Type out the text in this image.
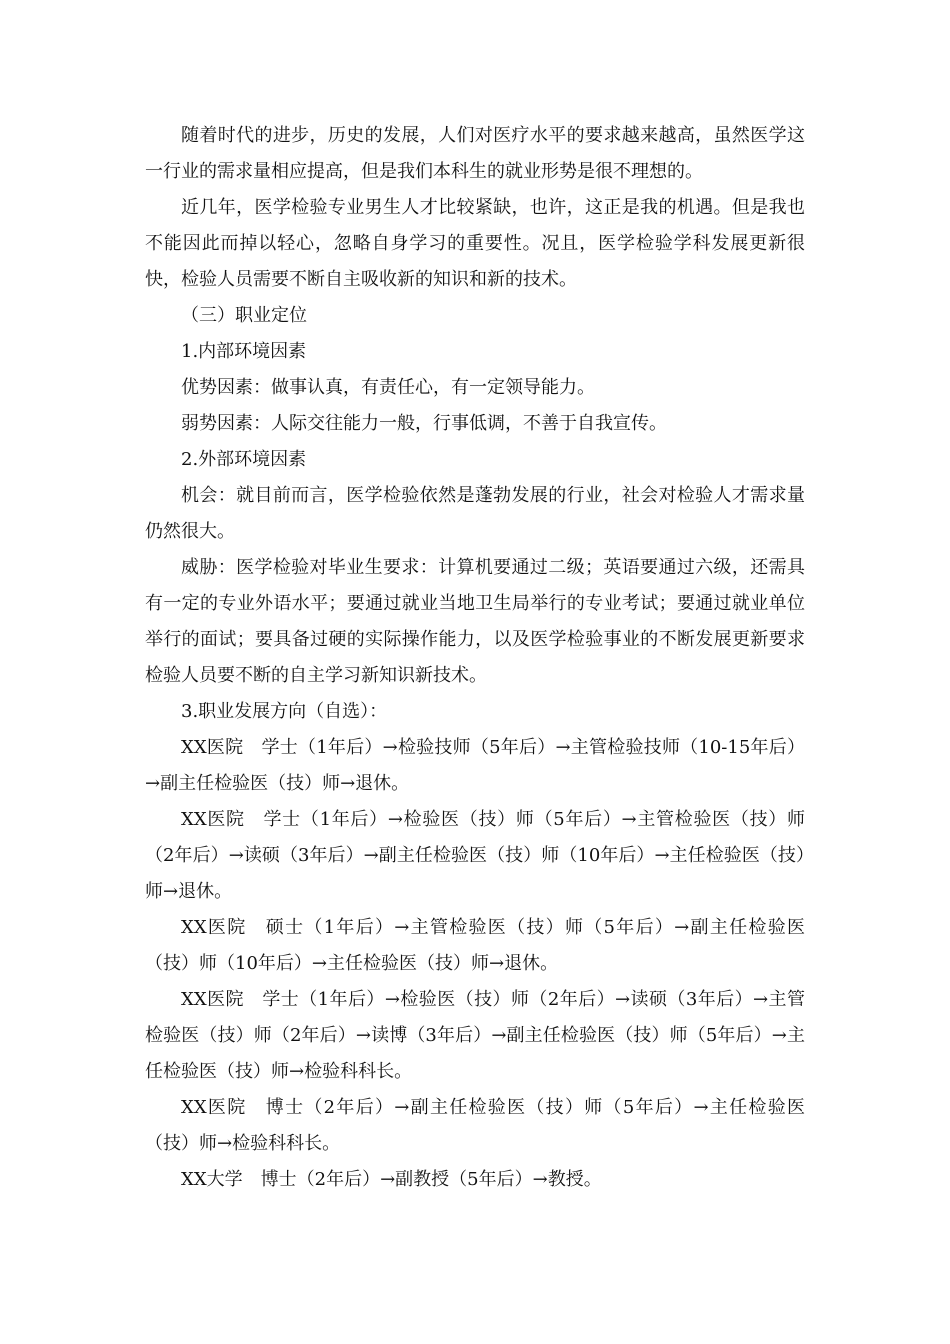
随着时代的进步，历史的发展，人们对医疗水平的要求越来越高，虽然医学这一行业的需求量相应提高，但是我们本科生的就业形势是很不理想的。

近几年，医学检验专业男生人才比较紧缺，也许，这正是我的机遇。但是我也不能因此而掉以轻心，忽略自身学习的重要性。况且，医学检验学科发展更新很快，检验人员需要不断自主吸收新的知识和新的技术。

（三）职业定位

1.内部环境因素

优势因素：做事认真，有责任心，有一定领导能力。

弱势因素：人际交往能力一般，行事低调，不善于自我宣传。

2.外部环境因素

机会：就目前而言，医学检验依然是蓬勃发展的行业，社会对检验人才需求量仍然很大。

威胁：医学检验对毕业生要求：计算机要通过二级；英语要通过六级，还需具有一定的专业外语水平；要通过就业当地卫生局举行的专业考试；要通过就业单位举行的面试；要具备过硬的实际操作能力，以及医学检验事业的不断发展更新要求检验人员要不断的自主学习新知识新技术。

3.职业发展方向（自选）：

XX医院　学士（1年后）→检验技师（5年后）→主管检验技师（10-15年后）→副主任检验医（技）师→退休。

XX医院　学士（1年后）→检验医（技）师（5年后）→主管检验医（技）师（2年后）→读硕（3年后）→副主任检验医（技）师（10年后）→主任检验医（技）师→退休。

XX医院　硕士（1年后）→主管检验医（技）师（5年后）→副主任检验医（技）师（10年后）→主任检验医（技）师→退休。

XX医院　学士（1年后）→检验医（技）师（2年后）→读硕（3年后）→主管检验医（技）师（2年后）→读博（3年后）→副主任检验医（技）师（5年后）→主任检验医（技）师→检验科科长。

XX医院　博士（2年后）→副主任检验医（技）师（5年后）→主任检验医（技）师→检验科科长。

XX大学　博士（2年后）→副教授（5年后）→教授。
